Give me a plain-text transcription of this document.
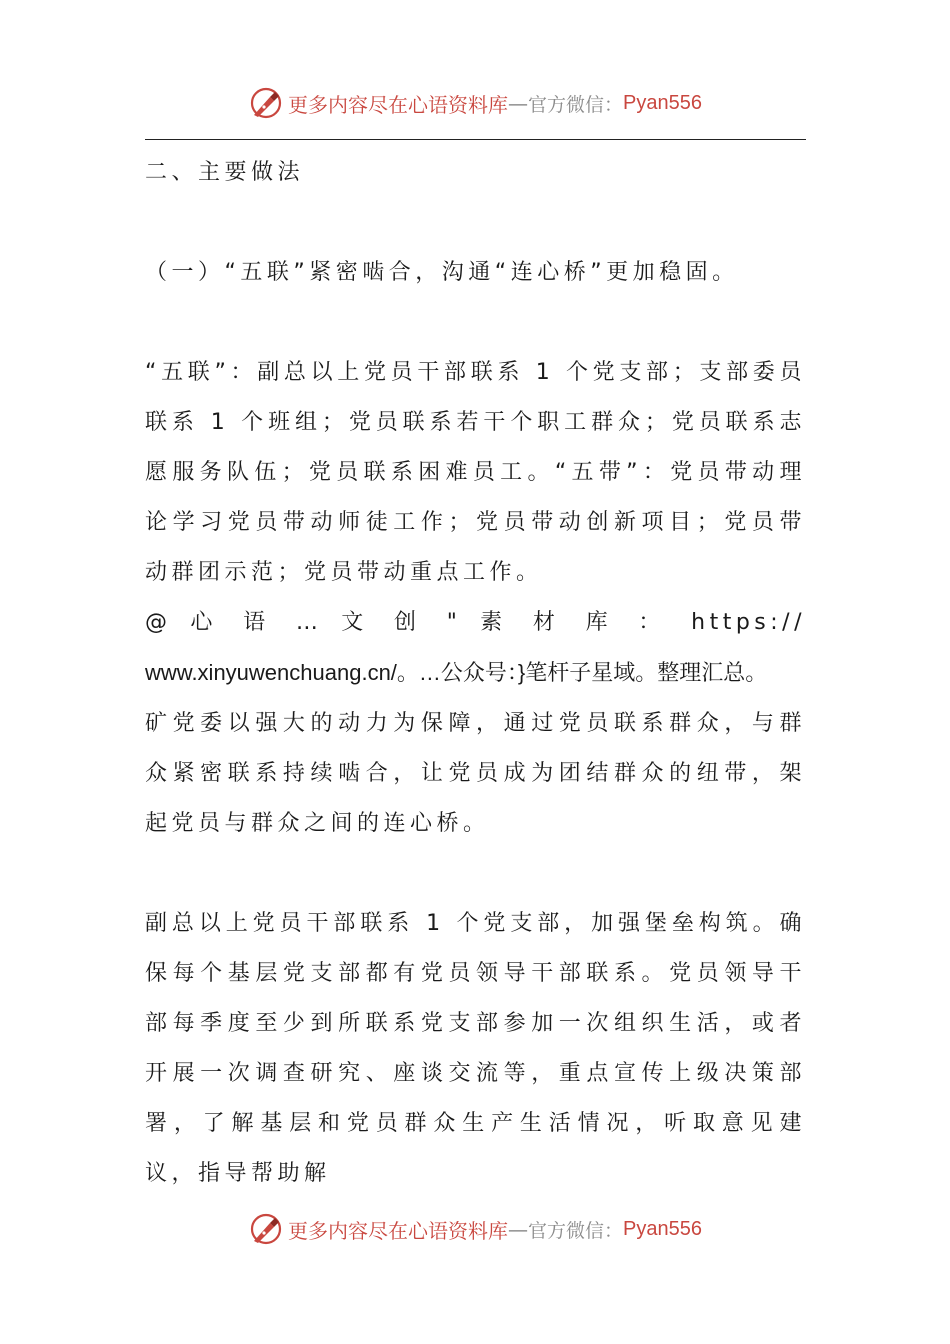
更多内容尽在心语资料库 — 官方微信： Pyan556

二、主要做法

（一）“五联”紧密啮合，沟通“连心桥”更加稳固。

“五联”：副总以上党员干部联系 1 个党支部；支部委员联系 1 个班组；党员联系若干个职工群众；党员联系志愿服务队伍；党员联系困难员工。“五带”：党员带动理论学习党员带动师徒工作；党员带动创新项目；党员带动群团示范；党员带动重点工作。

@ 心 语 … 文 创 " 素 材 库 ： https://

www.xinyuwenchuang.cn/。…公众号：}笔杆子星域。整理汇总。

矿党委以强大的动力为保障，通过党员联系群众，与群众紧密联系持续啮合，让党员成为团结群众的纽带，架起党员与群众之间的连心桥。

副总以上党员干部联系 1 个党支部，加强堡垒构筑。确保每个基层党支部都有党员领导干部联系。党员领导干部每季度至少到所联系党支部参加一次组织生活，或者开展一次调查研究、座谈交流等，重点宣传上级决策部署，了解基层和党员群众生产生活情况，听取意见建议，指导帮助解

更多内容尽在心语资料库 — 官方微信： Pyan556
